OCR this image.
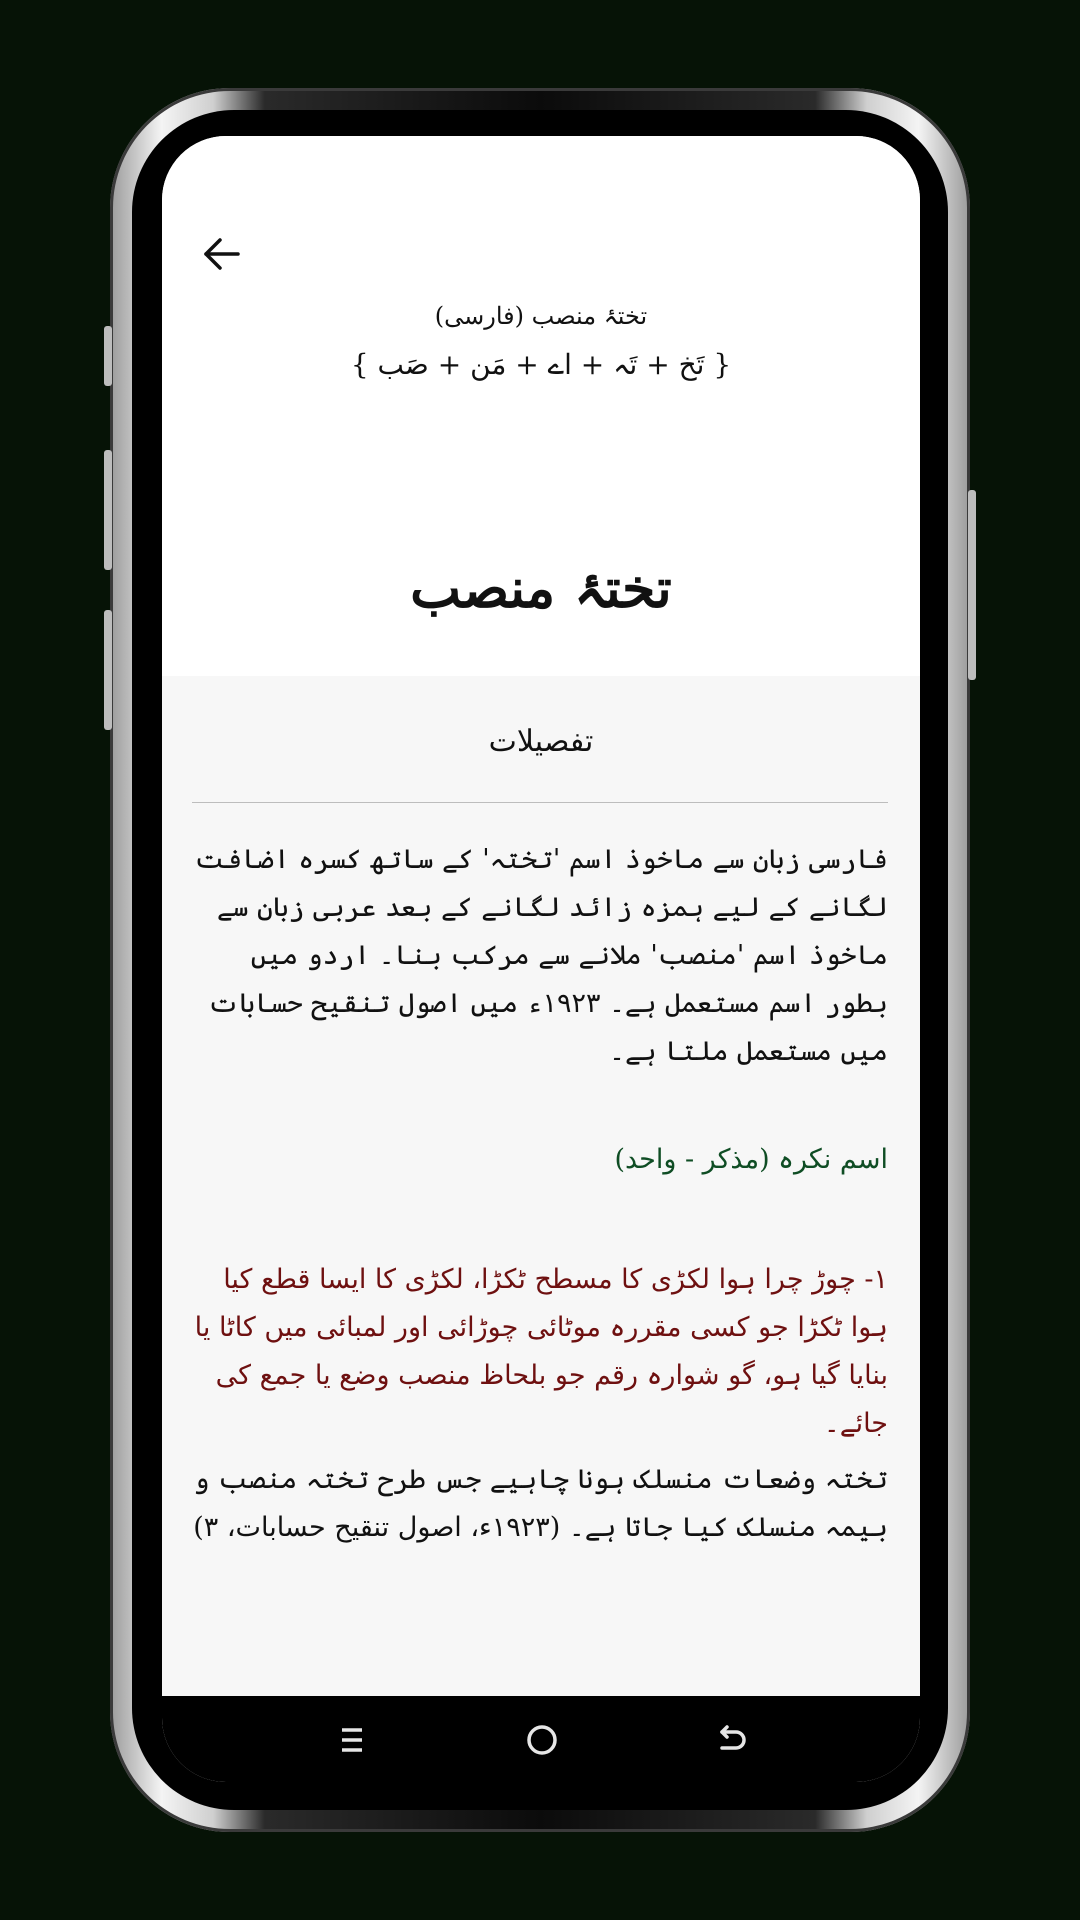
تختۂ منصب (فارسی)
{ تَخ + تَہ + اے + مَن + صَب }
تختۂ منصب
تفصیلات
فارسی زبان سے ماخوذ اسم 'تختہ' کے ساتھ کسرہ اضافت لگانے کے لیے ہمزہ زائد لگانے کے بعد عربی زبان سے ماخوذ اسم 'منصب' ملانے سے مرکب بنا۔ اردو میں بطور اسم مستعمل ہے۔ ۱۹۲۳ء میں اصول تنقیح حسابات میں مستعمل ملتا ہے۔
اسم نکرہ (مذکر - واحد)
۱- چوڑ چرا ہوا لکڑی کا مسطح ٹکڑا، لکڑی کا ایسا قطع کیا ہوا ٹکڑا جو کسی مقررہ موٹائی چوڑائی اور لمبائی میں کاٹا یا بنایا گیا ہو، گو شوارہ رقم جو بلحاظ منصب وضع یا جمع کی جائے۔
تختہ وضعات منسلک ہونا چاہیے جس طرح تختہ منصب و بیمہ منسلک کیا جاتا ہے۔ (۱۹۲۳ء، اصول تنقیح حسابات، ۳)
